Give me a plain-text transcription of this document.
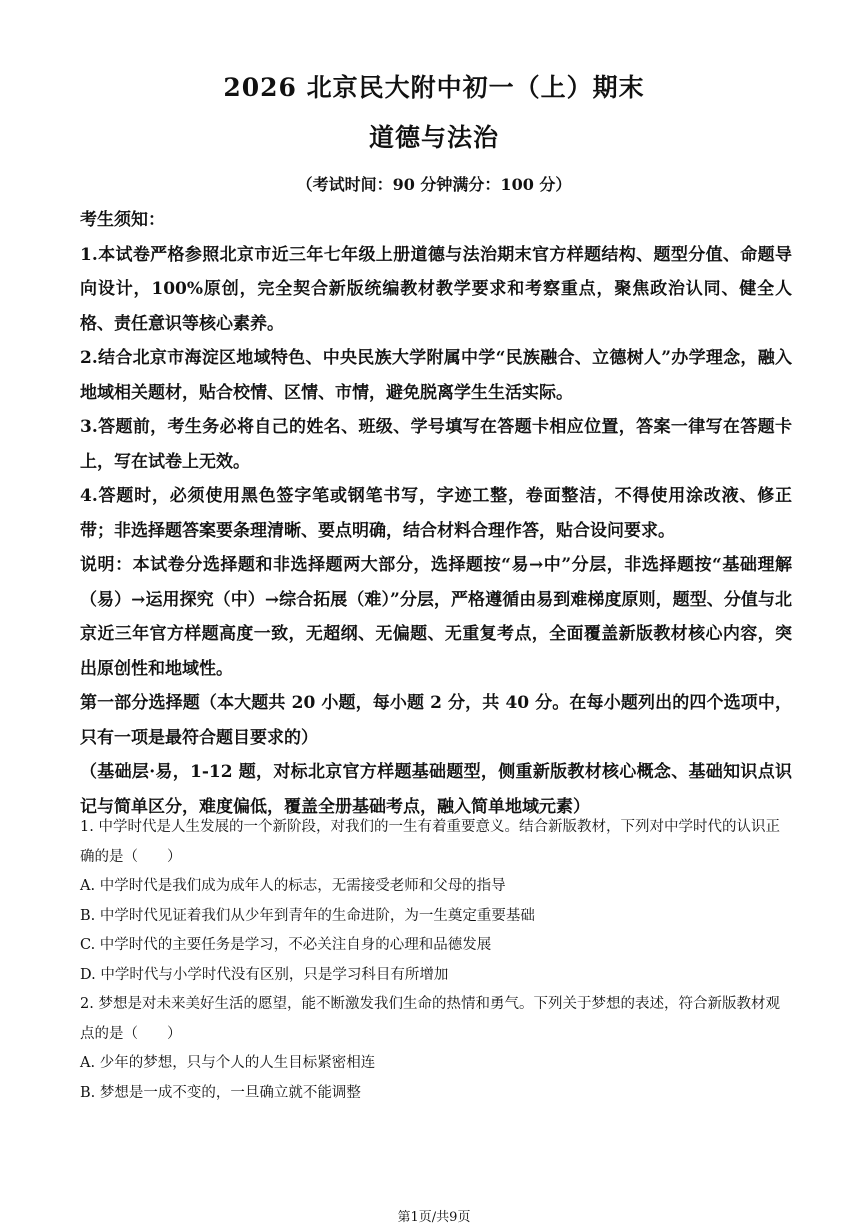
2026 北京民大附中初一（上）期末
道德与法治
（考试时间：90 分钟满分：100 分）

考生须知：

1.本试卷严格参照北京市近三年七年级上册道德与法治期末官方样题结构、题型分值、命题导向设计，100%原创，完全契合新版统编教材教学要求和考察重点，聚焦政治认同、健全人格、责任意识等核心素养。

2.结合北京市海淀区地域特色、中央民族大学附属中学“民族融合、立德树人”办学理念，融入地域相关题材，贴合校情、区情、市情，避免脱离学生生活实际。

3.答题前，考生务必将自己的姓名、班级、学号填写在答题卡相应位置，答案一律写在答题卡上，写在试卷上无效。

4.答题时，必须使用黑色签字笔或钢笔书写，字迹工整，卷面整洁，不得使用涂改液、修正带；非选择题答案要条理清晰、要点明确，结合材料合理作答，贴合设问要求。

说明：本试卷分选择题和非选择题两大部分，选择题按“易→中”分层，非选择题按“基础理解（易）→运用探究（中）→综合拓展（难）”分层，严格遵循由易到难梯度原则，题型、分值与北京近三年官方样题高度一致，无超纲、无偏题、无重复考点，全面覆盖新版教材核心内容，突出原创性和地域性。

第一部分选择题（本大题共 20 小题，每小题 2 分，共 40 分。在每小题列出的四个选项中，只有一项是最符合题目要求的）

（基础层·易，1-12 题，对标北京官方样题基础题型，侧重新版教材核心概念、基础知识点识记与简单区分，难度偏低，覆盖全册基础考点，融入简单地域元素）

1. 中学时代是人生发展的一个新阶段，对我们的一生有着重要意义。结合新版教材，下列对中学时代的认识正确的是（　　）

A. 中学时代是我们成为成年人的标志，无需接受老师和父母的指导

B. 中学时代见证着我们从少年到青年的生命进阶，为一生奠定重要基础

C. 中学时代的主要任务是学习，不必关注自身的心理和品德发展

D. 中学时代与小学时代没有区别，只是学习科目有所增加

2. 梦想是对未来美好生活的愿望，能不断激发我们生命的热情和勇气。下列关于梦想的表述，符合新版教材观点的是（　　）

A. 少年的梦想，只与个人的人生目标紧密相连

B. 梦想是一成不变的，一旦确立就不能调整

第1页/共9页
